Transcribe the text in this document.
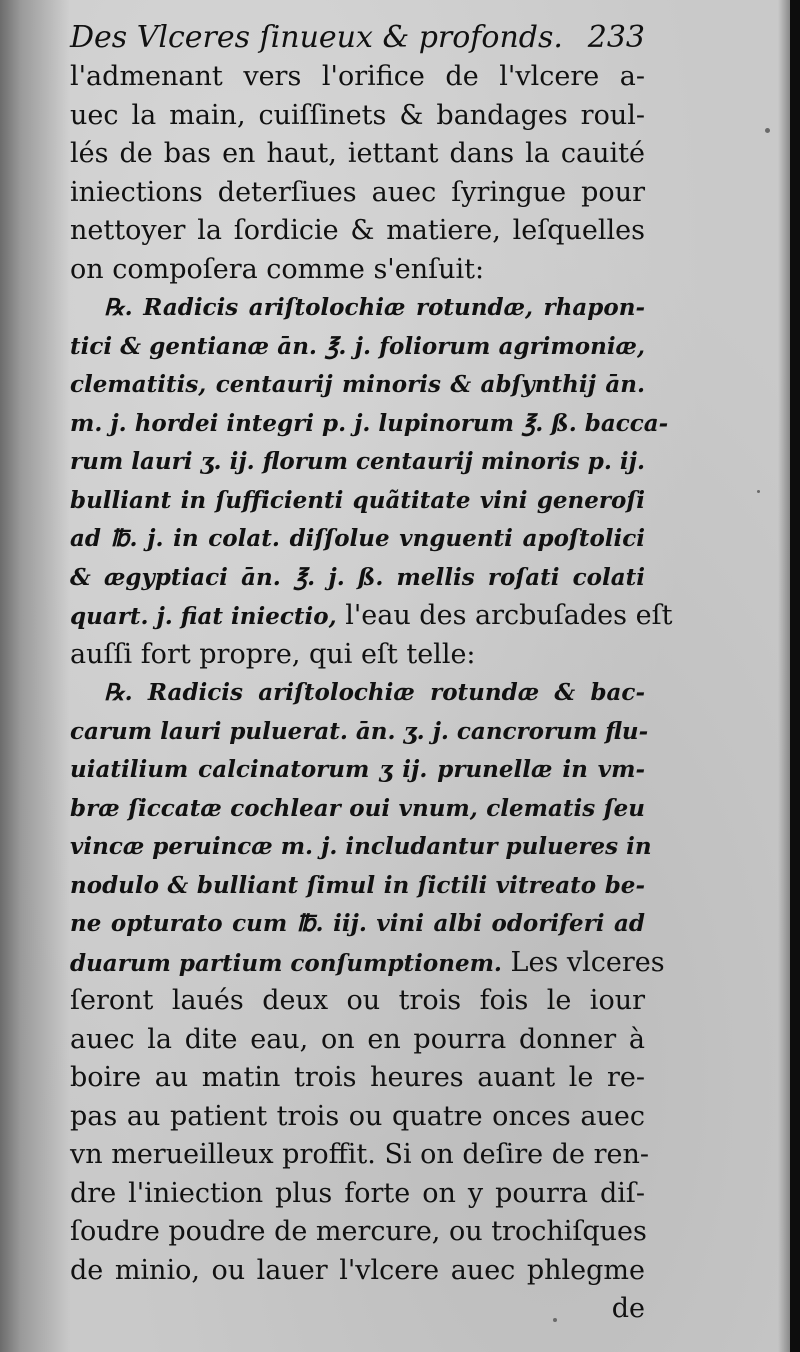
Des Vlceres ſinueux & profonds. 233
l'admenant vers l'orifice de l'vlcere a-
uec la main, cuiſſinets & bandages roul-
lés de bas en haut, iettant dans la cauité
iniections deterſiues auec ſyringue pour
nettoyer la ſordicie & matiere, leſquelles
on compoſera comme s'enſuit:
℞. Radicis ariſtolochiæ rotundæ, rhapon-
tici & gentianæ ān. ℥. j. foliorum agrimoniæ,
clematitis, centaurij minoris & abſynthij ān.
m. j. hordei integri p. j. lupinorum ℥. ß. bacca-
rum lauri ʒ. ij. florum centaurij minoris p. ij.
bulliant in ſufficienti quãtitate vini generoſi
ad ℔. j. in colat. diſſolue vnguenti apoſtolici
& ægyptiaci ān. ℥. j. ß. mellis roſati colati
quart. j. fiat iniectio, l'eau des arcbuſades eſt
auſſi fort propre, qui eſt telle:
℞. Radicis ariſtolochiæ rotundæ & bac-
carum lauri puluerat. ān. ʒ. j. cancrorum flu-
uiatilium calcinatorum ʒ ij. prunellæ in vm-
bræ ſiccatæ cochlear oui vnum, clematis ſeu
vincæ peruincæ m. j. includantur pulueres in
nodulo & bulliant ſimul in ſictili vitreato be-
ne opturato cum ℔. iij. vini albi odoriferi ad
duarum partium conſumptionem. Les vlceres
ſeront laués deux ou trois fois le iour
auec la dite eau, on en pourra donner à
boire au matin trois heures auant le re-
pas au patient trois ou quatre onces auec
vn merueilleux proffit. Si on deſire de ren-
dre l'iniection plus forte on y pourra diſ-
ſoudre poudre de mercure, ou trochiſques
de minio, ou lauer l'vlcere auec phlegme
de
